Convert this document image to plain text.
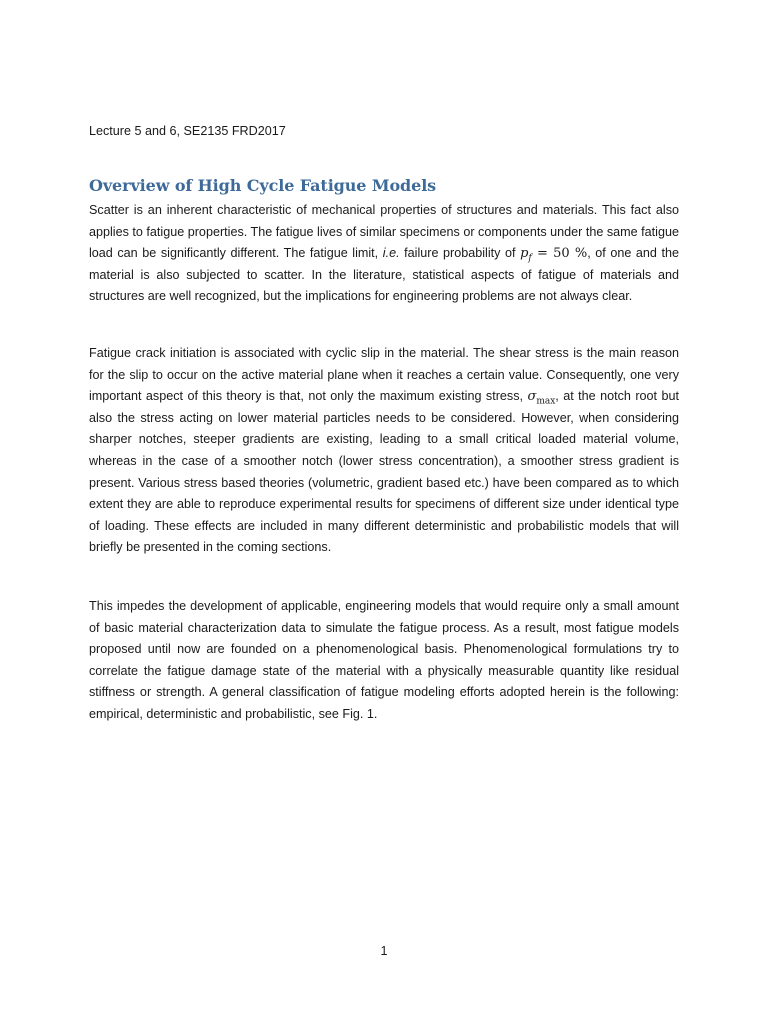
Lecture 5 and 6, SE2135 FRD2017
Overview of High Cycle Fatigue Models

Scatter is an inherent characteristic of mechanical properties of structures and materials. This fact also applies to fatigue properties. The fatigue lives of similar specimens or components under the same fatigue load can be significantly different. The fatigue limit, i.e. failure probability of $p_f = 50$ %, of one and the material is also subjected to scatter. In the literature, statistical aspects of fatigue of materials and structures are well recognized, but the implications for engineering problems are not always clear.

Fatigue crack initiation is associated with cyclic slip in the material. The shear stress is the main reason for the slip to occur on the active material plane when it reaches a certain value. Consequently, one very important aspect of this theory is that, not only the maximum existing stress, $\sigma_{max}$, at the notch root but also the stress acting on lower material particles needs to be considered. However, when considering sharper notches, steeper gradients are existing, leading to a small critical loaded material volume, whereas in the case of a smoother notch (lower stress concentration), a smoother stress gradient is present. Various stress based theories (volumetric, gradient based etc.) have been compared as to which extent they are able to reproduce experimental results for specimens of different size under identical type of loading. These effects are included in many different deterministic and probabilistic models that will briefly be presented in the coming sections.

This impedes the development of applicable, engineering models that would require only a small amount of basic material characterization data to simulate the fatigue process. As a result, most fatigue models proposed until now are founded on a phenomenological basis. Phenomenological formulations try to correlate the fatigue damage state of the material with a physically measurable quantity like residual stiffness or strength. A general classification of fatigue modeling efforts adopted herein is the following: empirical, deterministic and probabilistic, see Fig. 1.

1
